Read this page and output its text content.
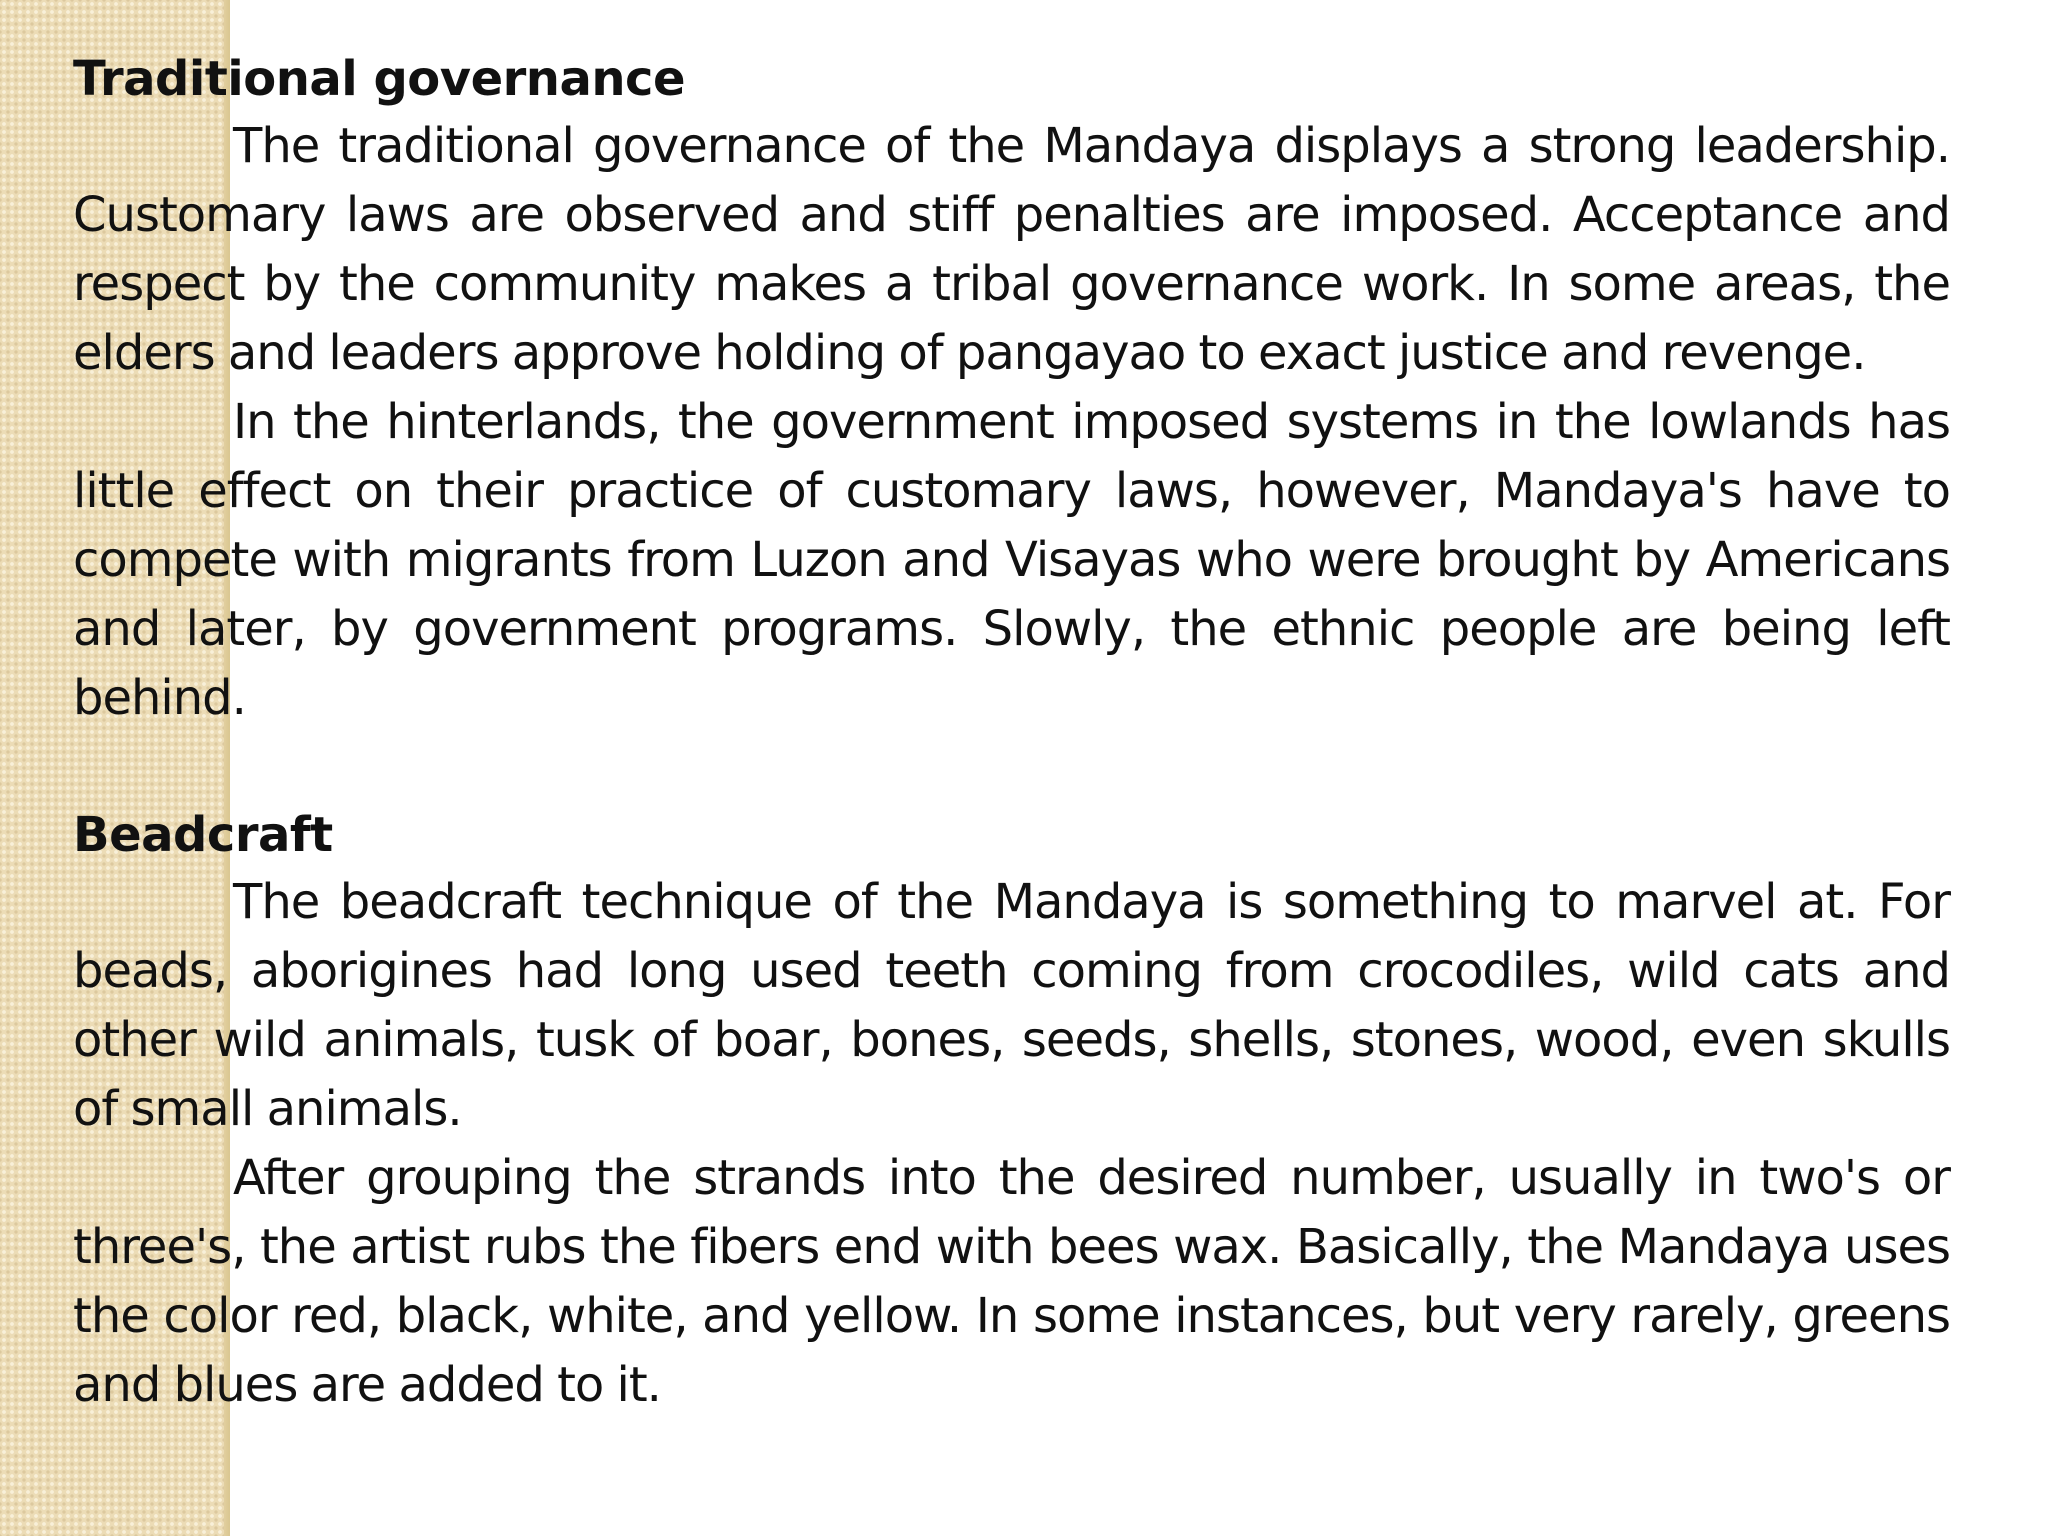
Traditional governance

The traditional governance of the Mandaya displays a strong leadership. Customary laws are observed and stiff penalties are imposed. Acceptance and respect by the community makes a tribal governance work. In some areas, the elders and leaders approve holding of pangayao to exact justice and revenge.

In the hinterlands, the government imposed systems in the lowlands has little effect on their practice of customary laws, however, Mandaya's have to compete with migrants from Luzon and Visayas who were brought by Americans and later, by government programs. Slowly, the ethnic people are being left behind.

Beadcraft

The beadcraft technique of the Mandaya is something to marvel at. For beads, aborigines had long used teeth coming from crocodiles, wild cats and other wild animals, tusk of boar, bones, seeds, shells, stones, wood, even skulls of small animals.

After grouping the strands into the desired number, usually in two's or three's, the artist rubs the fibers end with bees wax. Basically, the Mandaya uses the color red, black, white, and yellow. In some instances, but very rarely, greens and blues are added to it.
